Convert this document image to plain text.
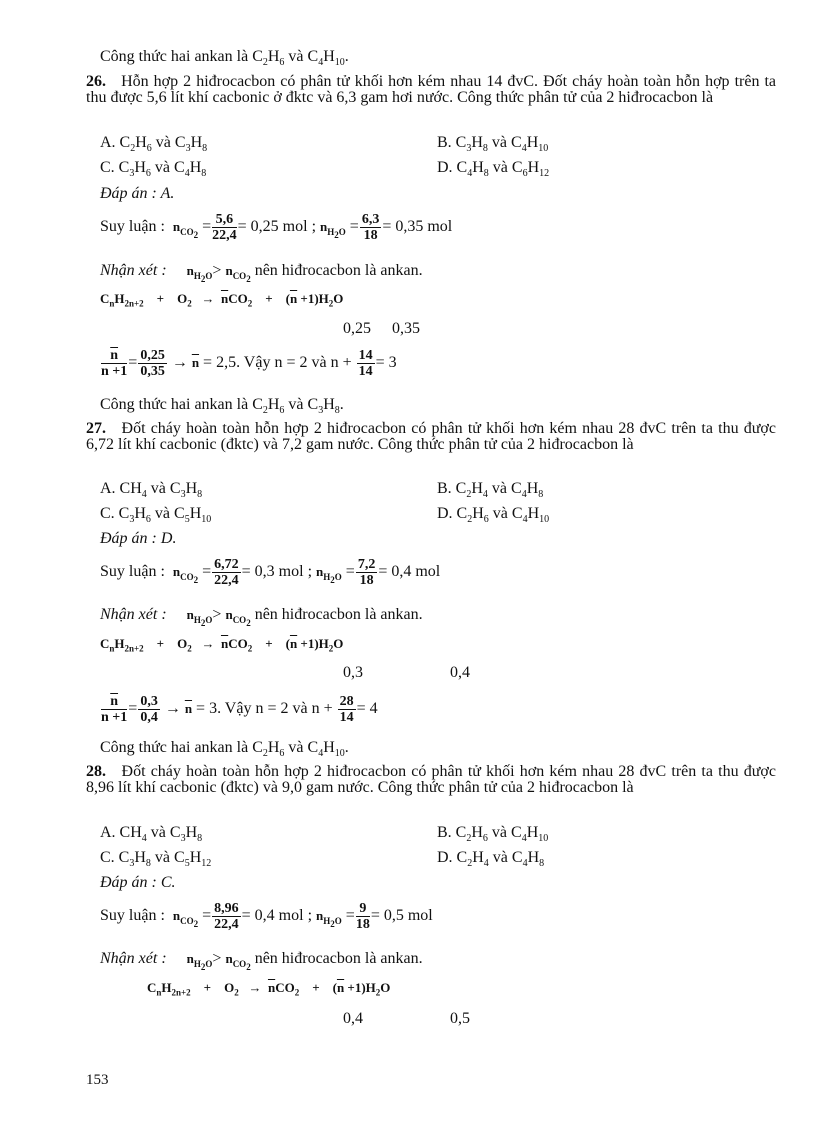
Công thức hai ankan là $C_2H_6$ và $C_4H_{10}$.
26. Hỗn hợp 2 hiđrocacbon có phân tử khối hơn kém nhau 14 đvC. Đốt cháy hoàn toàn hỗn hợp trên ta thu được 5,6 lít khí cacbonic ở đktc và 6,3 gam hơi nước. Công thức phân tử của 2 hiđrocacbon là
A. $C_2H_6$ và $C_3H_8$	B. $C_3H_8$ và $C_4H_{10}$
C. $C_3H_6$ và $C_4H_8$	D. $C_4H_8$ và $C_6H_{12}$
Đáp án : A.
Suy luận : $n_{CO_2} = \frac{5,6}{22,4} = 0,25$ mol ; $n_{H_2O} = \frac{6,3}{18} = 0,35$ mol
Nhận xét : $n_{H_2O}> n_{CO_2}$ nên hiđrocacbon là ankan.
$C_nH_{2n+2}$    +    $O_2 \to \overline{n}CO_2$    +    $(\overline{n} +1)H_2O$
0,25 0,35
$\frac{\overline{n}}{\overline{n} +1} = \frac{0,25}{0,35} \to \overline{n} = 2,5$. Vậy n = 2 và $n + \frac{14}{14} = 3$
Công thức hai ankan là $C_2H_6$ và $C_3H_8$.
27. Đốt cháy hoàn toàn hỗn hợp 2 hiđrocacbon có phân tử khối hơn kém nhau 28 đvC trên ta thu được 6,72 lít khí cacbonic (đktc) và 7,2 gam nước. Công thức phân tử của 2 hiđrocacbon là
A. $CH_4$ và $C_3H_8$	B. $C_2H_4$ và $C_4H_8$
C. $C_3H_6$ và $C_5H_{10}$	D. $C_2H_6$ và $C_4H_{10}$
Đáp án : D.
Suy luận : $n_{CO_2} = \frac{6,72}{22,4} = 0,3$ mol ; $n_{H_2O} = \frac{7,2}{18} = 0,4$ mol
Nhận xét : $n_{H_2O}> n_{CO_2}$ nên hiđrocacbon là ankan.
$C_nH_{2n+2}$    +    $O_2 \to \overline{n}CO_2$    +    $(\overline{n} +1)H_2O$
0,3	0,4
$\frac{\overline{n}}{\overline{n} +1} = \frac{0,3}{0,4} \to \overline{n} = 3$. Vậy n = 2 và $n + \frac{28}{14} = 4$
Công thức hai ankan là $C_2H_6$ và $C_4H_{10}$.
28. Đốt cháy hoàn toàn hỗn hợp 2 hiđrocacbon có phân tử khối hơn kém nhau 28 đvC trên ta thu được 8,96 lít khí cacbonic (đktc) và 9,0 gam nước. Công thức phân tử của 2 hiđrocacbon là
A. $CH_4$ và $C_3H_8$	B. $C_2H_6$ và $C_4H_{10}$
C. $C_3H_8$ và $C_5H_{12}$	D. $C_2H_4$ và $C_4H_8$
Đáp án : C.
Suy luận : $n_{CO_2} = \frac{8,96}{22,4} = 0,4$ mol ; $n_{H_2O} = \frac{9}{18} = 0,5$ mol
Nhận xét : $n_{H_2O}> n_{CO_2}$ nên hiđrocacbon là ankan.
$C_nH_{2n+2}$    +    $O_2 \to \overline{n}CO_2$    +    $(\overline{n} +1)H_2O$
0,4	0,5
153
